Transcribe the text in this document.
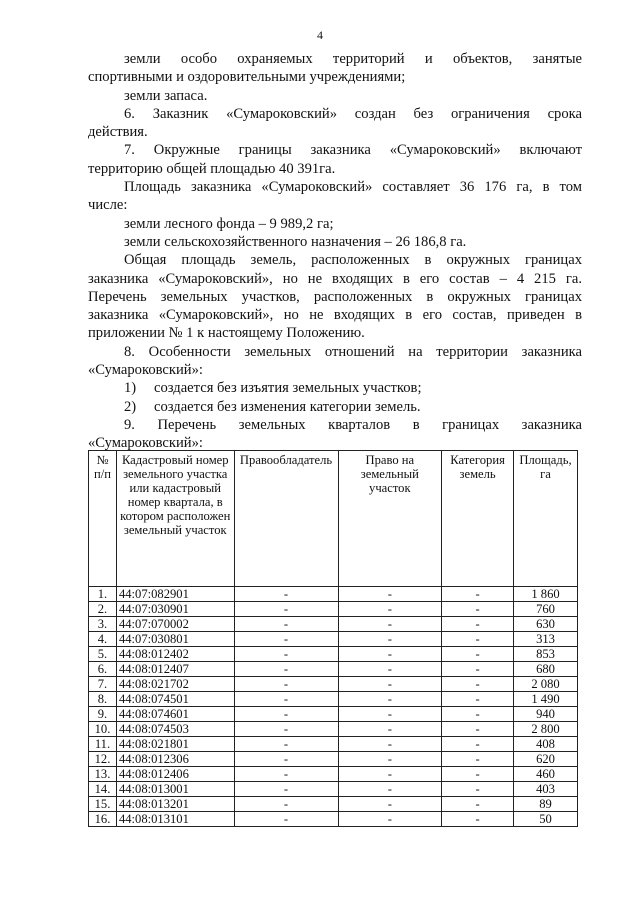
4

земли особо охраняемых территорий и объектов, занятые

спортивными и оздоровительными учреждениями;

земли запаса.

6. Заказник «Сумароковский» создан без ограничения срока

действия.

7. Окружные границы заказника «Сумароковский» включают

территорию общей площадью 40 391га.

Площадь заказника «Сумароковский» составляет 36 176 га, в том

числе:

земли лесного фонда – 9 989,2 га;

земли сельскохозяйственного назначения – 26 186,8 га.

Общая площадь земель, расположенных в окружных границах

заказника «Сумароковский», но не входящих в его состав – 4 215 га.

Перечень земельных участков, расположенных в окружных границах

заказника «Сумароковский», но не входящих в его состав, приведен в

приложении № 1 к настоящему Положению.

8. Особенности земельных отношений на территории заказника

«Сумароковский»:

1) создается без изъятия земельных участков;

2) создается без изменения категории земель.

9. Перечень земельных кварталов в границах заказника

«Сумароковский»:

№ п/п	Кадастровый номер земельного участка или кадастровый номер квартала, в котором расположен земельный участок	Правообладатель	Право на земельный участок	Категория земель	Площадь, га
1.	44:07:082901	-	-	-	1 860
2.	44:07:030901	-	-	-	760
3.	44:07:070002	-	-	-	630
4.	44:07:030801	-	-	-	313
5.	44:08:012402	-	-	-	853
6.	44:08:012407	-	-	-	680
7.	44:08:021702	-	-	-	2 080
8.	44:08:074501	-	-	-	1 490
9.	44:08:074601	-	-	-	940
10.	44:08:074503	-	-	-	2 800
11.	44:08:021801	-	-	-	408
12.	44:08:012306	-	-	-	620
13.	44:08:012406	-	-	-	460
14.	44:08:013001	-	-	-	403
15.	44:08:013201	-	-	-	89
16.	44:08:013101	-	-	-	50
